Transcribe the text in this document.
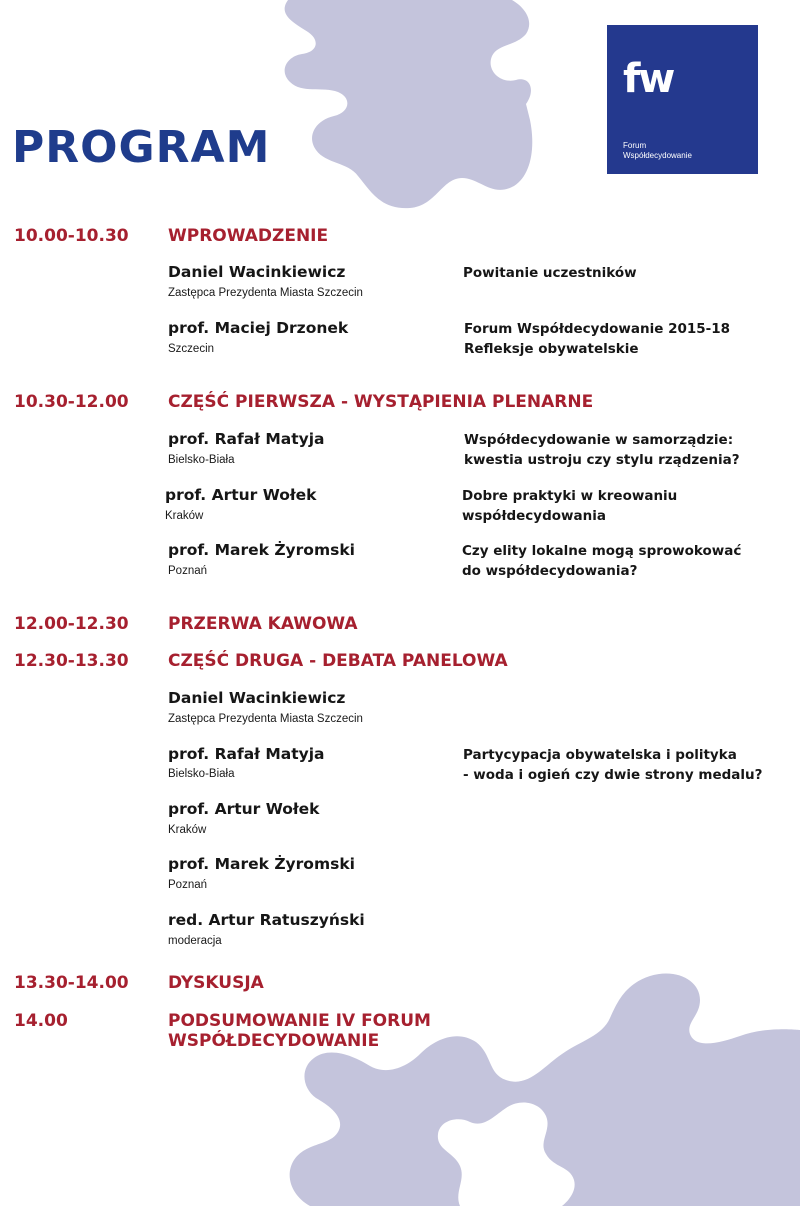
PROGRAM
fw
Forum
Współdecydowanie
10.00-10.30 WPROWADZENIE
Daniel Wacinkiewicz
Zastępca Prezydenta Miasta Szczecin
Powitanie uczestników
prof. Maciej Drzonek
Szczecin
Forum Współdecydowanie 2015-18
Refleksje obywatelskie
10.30-12.00 CZĘŚĆ PIERWSZA - WYSTĄPIENIA PLENARNE
prof. Rafał Matyja
Bielsko-Biała
Współdecydowanie w samorządzie:
kwestia ustroju czy stylu rządzenia?
prof. Artur Wołek
Kraków
Dobre praktyki w kreowaniu
współdecydowania
prof. Marek Żyromski
Poznań
Czy elity lokalne mogą sprowokować
do współdecydowania?
12.00-12.30 PRZERWA KAWOWA
12.30-13.30 CZĘŚĆ DRUGA - DEBATA PANELOWA
Daniel Wacinkiewicz
Zastępca Prezydenta Miasta Szczecin
prof. Rafał Matyja
Bielsko-Biała
Partycypacja obywatelska i polityka
- woda i ogień czy dwie strony medalu?
prof. Artur Wołek
Kraków
prof. Marek Żyromski
Poznań
red. Artur Ratuszyński
moderacja
13.30-14.00 DYSKUSJA
14.00	PODSUMOWANIE IV FORUM
WSPÓŁDECYDOWANIE
